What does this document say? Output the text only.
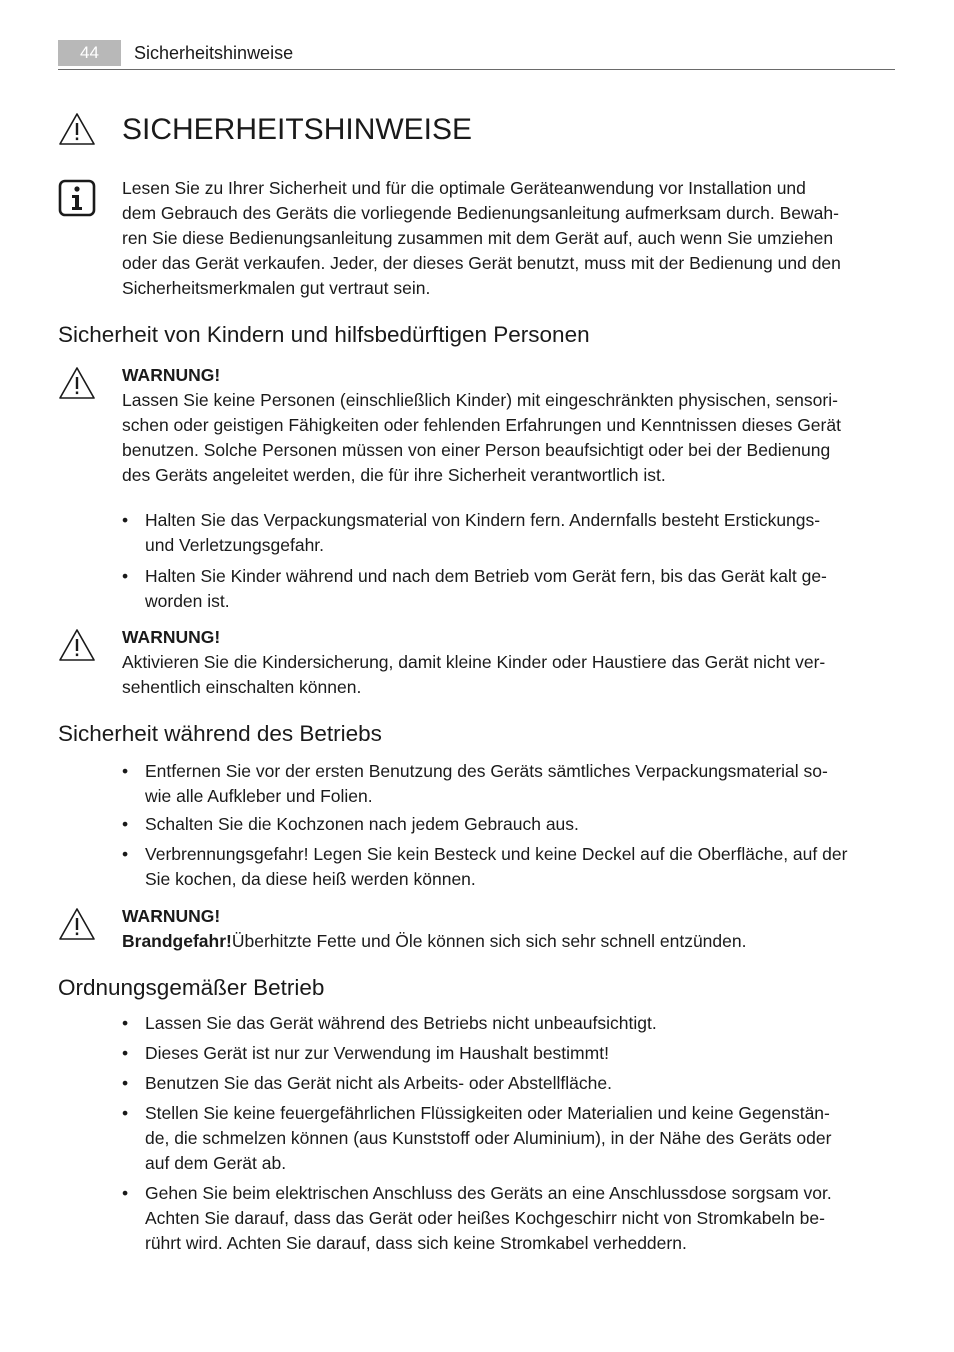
44	Sicherheitshinweise
SICHERHEITSHINWEISE

Lesen Sie zu Ihrer Sicherheit und für die optimale Geräteanwendung vor Installation und
dem Gebrauch des Geräts die vorliegende Bedienungsanleitung aufmerksam durch. Bewah-
ren Sie diese Bedienungsanleitung zusammen mit dem Gerät auf, auch wenn Sie umziehen
oder das Gerät verkaufen. Jeder, der dieses Gerät benutzt, muss mit der Bedienung und den
Sicherheitsmerkmalen gut vertraut sein.

Sicherheit von Kindern und hilfsbedürftigen Personen
WARNUNG!

Lassen Sie keine Personen (einschließlich Kinder) mit eingeschränkten physischen, sensori-
schen oder geistigen Fähigkeiten oder fehlenden Erfahrungen und Kenntnissen dieses Gerät
benutzen. Solche Personen müssen von einer Person beaufsichtigt oder bei der Bedienung
des Geräts angeleitet werden, die für ihre Sicherheit verantwortlich ist.

• Halten Sie das Verpackungsmaterial von Kindern fern. Andernfalls besteht Erstickungs-
und Verletzungsgefahr.
• Halten Sie Kinder während und nach dem Betrieb vom Gerät fern, bis das Gerät kalt ge-
worden ist.
WARNUNG!

Aktivieren Sie die Kindersicherung, damit kleine Kinder oder Haustiere das Gerät nicht ver-
sehentlich einschalten können.

Sicherheit während des Betriebs
• Entfernen Sie vor der ersten Benutzung des Geräts sämtliches Verpackungsmaterial so-
wie alle Aufkleber und Folien.
• Schalten Sie die Kochzonen nach jedem Gebrauch aus.
• Verbrennungsgefahr! Legen Sie kein Besteck und keine Deckel auf die Oberfläche, auf der
Sie kochen, da diese heiß werden können.
WARNUNG!

Brandgefahr!Überhitzte Fette und Öle können sich sich sehr schnell entzünden.

Ordnungsgemäßer Betrieb
• Lassen Sie das Gerät während des Betriebs nicht unbeaufsichtigt.
• Dieses Gerät ist nur zur Verwendung im Haushalt bestimmt!
• Benutzen Sie das Gerät nicht als Arbeits- oder Abstellfläche.
• Stellen Sie keine feuergefährlichen Flüssigkeiten oder Materialien und keine Gegenstän-
de, die schmelzen können (aus Kunststoff oder Aluminium), in der Nähe des Geräts oder
auf dem Gerät ab.
• Gehen Sie beim elektrischen Anschluss des Geräts an eine Anschlussdose sorgsam vor.
Achten Sie darauf, dass das Gerät oder heißes Kochgeschirr nicht von Stromkabeln be-
rührt wird. Achten Sie darauf, dass sich keine Stromkabel verheddern.
